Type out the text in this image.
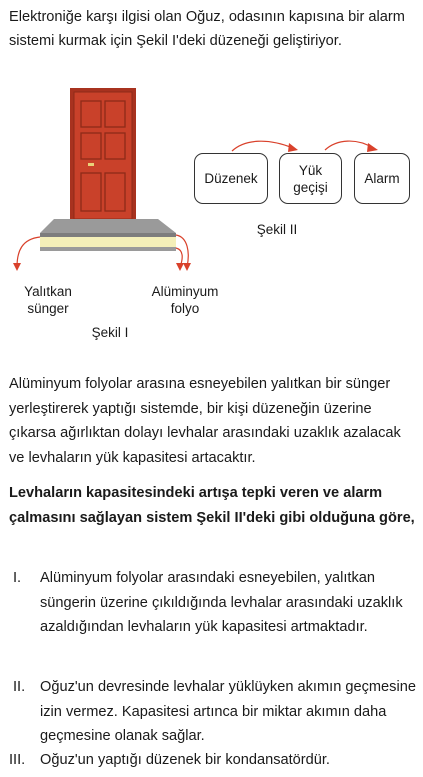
Elektroniğe karşı ilgisi olan Oğuz, odasının kapısına bir alarm sistemi kurmak için Şekil I'deki düzeneği geliştiriyor.
Yalıtkan
sünger
Alüminyum
folyo
Şekil I
Düzenek
Yük geçişi
Alarm
Şekil II
Alüminyum folyolar arasına esneyebilen yalıtkan bir sünger yerleştirerek yaptığı sistemde, bir kişi düzeneğin üzerine çıkarsa ağırlıktan dolayı levhalar arasındaki uzaklık azalacak ve levhaların yük kapasitesi artacaktır.
Levhaların kapasitesindeki artışa tepki veren ve alarm çalmasını sağlayan sistem Şekil II'deki gibi olduğuna göre,
I. Alüminyum folyolar arasındaki esneyebilen, yalıtkan süngerin üzerine çıkıldığında levhalar arasındaki uzaklık azaldığından levhaların yük kapasitesi artmaktadır.
II. Oğuz'un devresinde levhalar yüklüyken akımın geçmesine izin vermez. Kapasitesi artınca bir miktar akımın daha geçmesine olanak sağlar.
III. Oğuz'un yaptığı düzenek bir kondansatördür.
